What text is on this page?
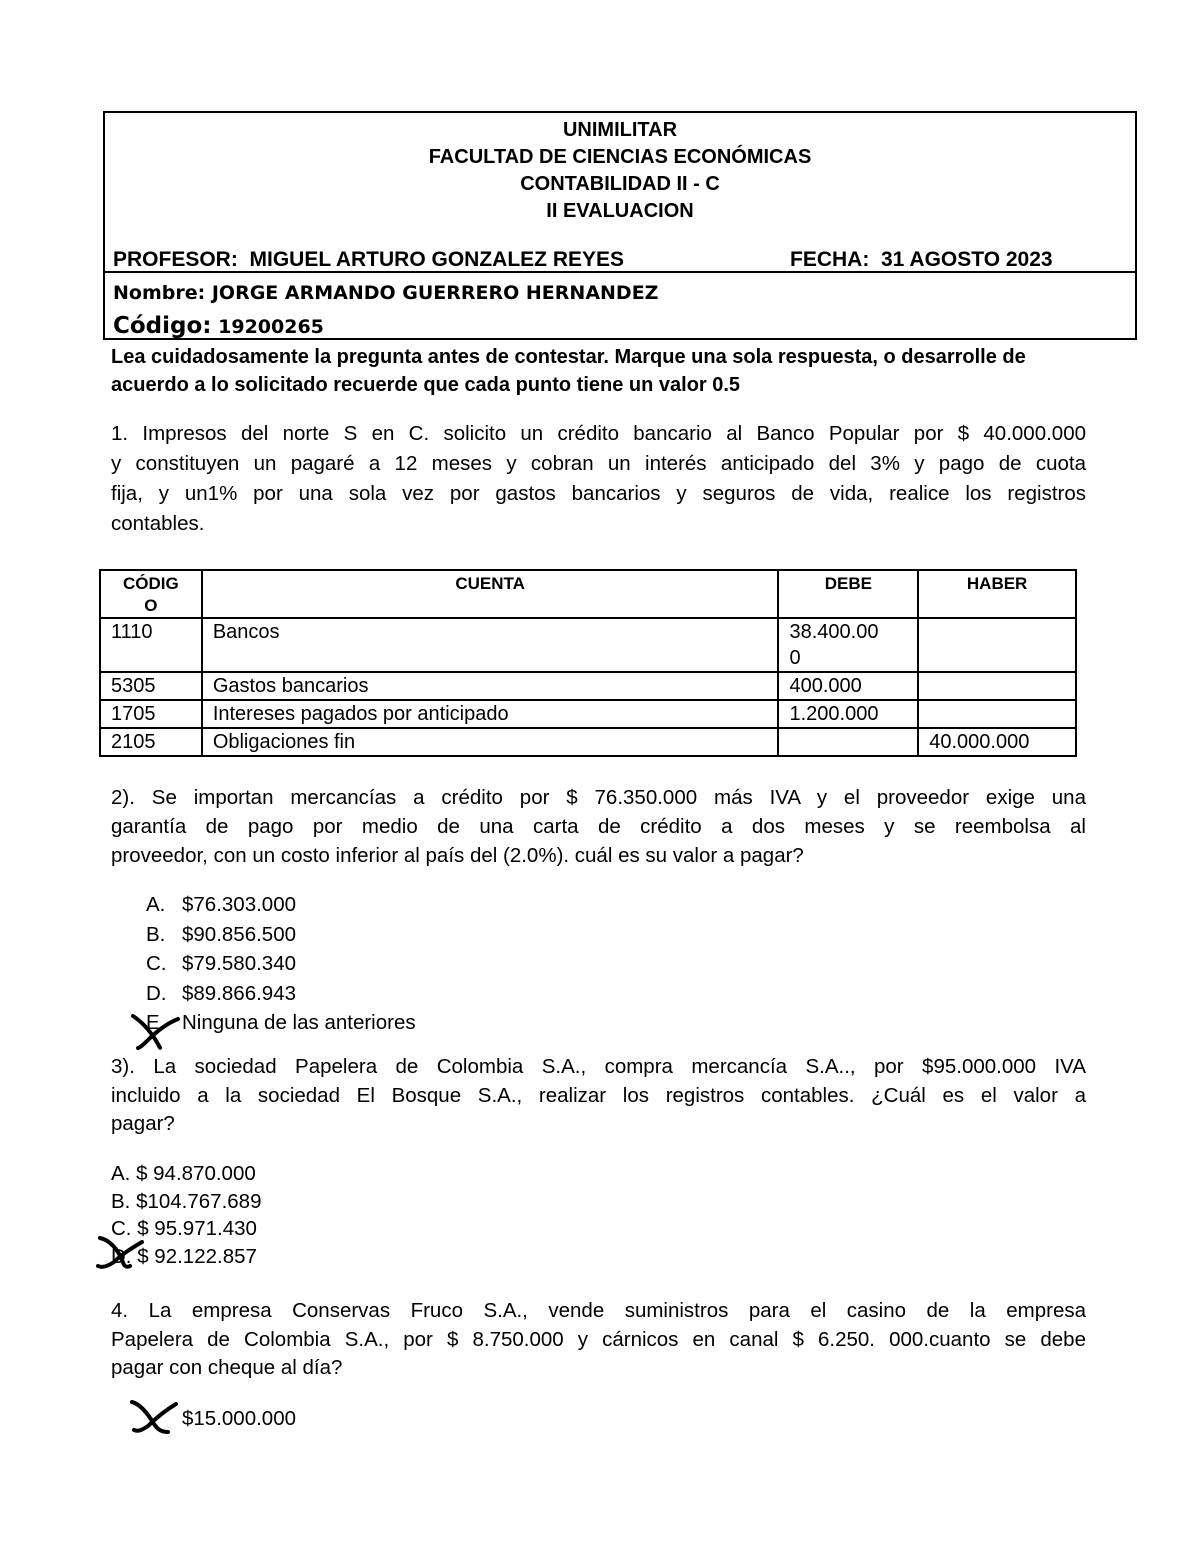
UNIMILITAR
FACULTAD DE CIENCIAS ECONÓMICAS
CONTABILIDAD II - C
II EVALUACION
PROFESOR: MIGUEL ARTURO GONZALEZ REYES	FECHA: 31 AGOSTO 2023
Nombre: JORGE ARMANDO GUERRERO HERNANDEZ
Código: 19200265
Lea cuidadosamente la pregunta antes de contestar. Marque una sola respuesta, o desarrolle de acuerdo a lo solicitado recuerde que cada punto tiene un valor 0.5
1. Impresos del norte S en C. solicito un crédito bancario al Banco Popular por $ 40.000.000
y constituyen un pagaré a 12 meses y cobran un interés anticipado del 3% y pago de cuota
fija, y un1% por una sola vez por gastos bancarios y seguros de vida, realice los registros
contables.
CÓDIG
O	CUENTA	DEBE	HABER
1110	Bancos	38.400.00
0	

5305	Gastos bancarios	400.000	
1705	Intereses pagados por anticipado	1.200.000	
2105	Obligaciones fin		40.000.000
2). Se importan mercancías a crédito por $ 76.350.000 más IVA y el proveedor exige una
garantía de pago por medio de una carta de crédito a dos meses y se reembolsa al
proveedor, con un costo inferior al país del (2.0%). cuál es su valor a pagar?
A. $76.303.000
B. $90.856.500
C. $79.580.340
D. $89.866.943
E. Ninguna de las anteriores
3). La sociedad Papelera de Colombia S.A., compra mercancía S.A.., por $95.000.000 IVA
incluido a la sociedad El Bosque S.A., realizar los registros contables. ¿Cuál es el valor a
pagar?
A. $ 94.870.000
B. $104.767.689
C. $ 95.971.430
D. $ 92.122.857
4. La empresa Conservas Fruco S.A., vende suministros para el casino de la empresa
Papelera de Colombia S.A., por $ 8.750.000 y cárnicos en canal $ 6.250. 000.cuanto se debe
pagar con cheque al día?
$15.000.000
